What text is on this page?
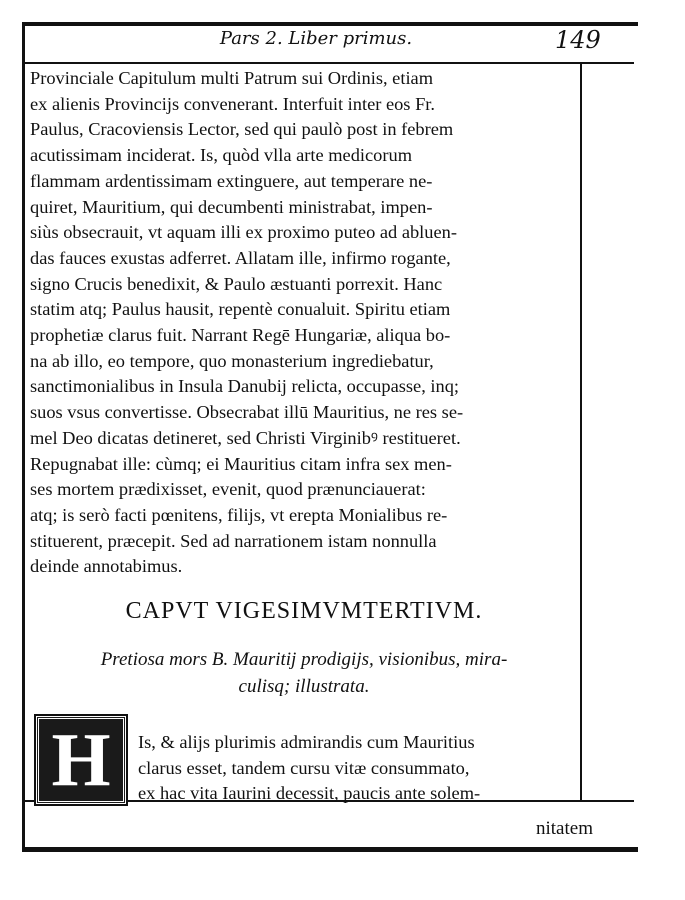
Pars 2. Liber primus.	149
Provinciale Capitulum multi Patrum sui Ordinis, etiam
ex alienis Provincijs convenerant. Interfuit inter eos Fr.
Paulus, Cracoviensis Lector, sed qui paulò post in febrem
acutissimam inciderat. Is, quòd vlla arte medicorum
flammam ardentissimam extinguere, aut temperare ne-
quiret, Mauritium, qui decumbenti ministrabat, impen-
siùs obsecrauit, vt aquam illi ex proximo puteo ad abluen-
das fauces exustas adferret. Allatam ille, infirmo rogante,
signo Crucis benedixit, & Paulo æstuanti porrexit. Hanc
statim atq; Paulus hausit, repentè conualuit. Spiritu etiam
prophetiæ clarus fuit. Narrant Regē Hungariæ, aliqua bo-
na ab illo, eo tempore, quo monasterium ingrediebatur,
sanctimonialibus in Insula Danubij relicta, occupasse, inq;
suos vsus convertisse. Obsecrabat illū Mauritius, ne res se-
mel Deo dicatas detineret, sed Christi Virginibꝰ restitueret.
Repugnabat ille: cùmq; ei Mauritius citam infra sex men-
ses mortem prædixisset, evenit, quod prænunciauerat:
atq; is serò facti pœnitens, filijs, vt erepta Monialibus re-
stituerent, præcepit. Sed ad narrationem istam nonnulla
deinde annotabimus.
CAPVT VIGESIMVMTERTIVM.
Pretiosa mors B. Mauritij prodigijs, visionibus, mira-
culisq; illustrata.
H	Is, & alijs plurimis admirandis cum Mauritius
clarus esset, tandem cursu vitæ consummato,
ex hac vita Iaurini decessit, paucis ante solem-
nitatem
